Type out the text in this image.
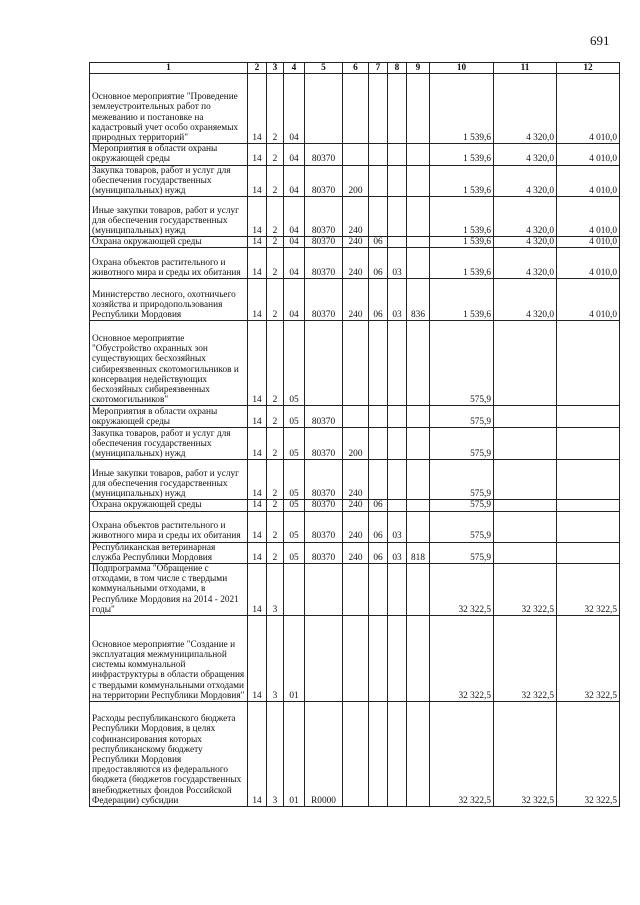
691
1	2	3	4	5	6	7	8	9	10	11	12
Основное мероприятие "Проведение землеустроительных работ по межеванию и постановке на кадастровый учет особо охраняемых природных территорий"	14	2	04						1 539,6	4 320,0	4 010,0
Мероприятия в области охраны окружающей среды	14	2	04	80370					1 539,6	4 320,0	4 010,0
Закупка товаров, работ и услуг для обеспечения государственных (муниципальных) нужд	14	2	04	80370	200				1 539,6	4 320,0	4 010,0
Иные закупки товаров, работ и услуг для обеспечения государственных (муниципальных) нужд	14	2	04	80370	240				1 539,6	4 320,0	4 010,0
Охрана окружающей среды	14	2	04	80370	240	06			1 539,6	4 320,0	4 010,0
Охрана объектов растительного и животного мира и среды их обитания	14	2	04	80370	240	06	03		1 539,6	4 320,0	4 010,0
Министерство лесного, охотничьего хозяйства и природопользования Республики Мордовия	14	2	04	80370	240	06	03	836	1 539,6	4 320,0	4 010,0
Основное мероприятие "Обустройство охранных зон существующих бесхозяйных сибиреязвенных скотомогильников и консервация недействующих бесхозяйных сибиреязвенных скотомогильников"	14	2	05						575,9		
Мероприятия в области охраны окружающей среды	14	2	05	80370					575,9		
Закупка товаров, работ и услуг для обеспечения государственных (муниципальных) нужд	14	2	05	80370	200				575,9		
Иные закупки товаров, работ и услуг для обеспечения государственных (муниципальных) нужд	14	2	05	80370	240				575,9		
Охрана окружающей среды	14	2	05	80370	240	06			575,9		
Охрана объектов растительного и животного мира и среды их обитания	14	2	05	80370	240	06	03		575,9		
Республиканская ветеринарная служба Республики Мордовия	14	2	05	80370	240	06	03	818	575,9		
Подпрограмма "Обращение с отходами, в том числе с твердыми коммунальными отходами, в Республике Мордовия на 2014 - 2021 годы"	14	3							32 322,5	32 322,5	32 322,5
Основное мероприятие "Создание и эксплуатация межмуниципальной системы коммунальной инфраструктуры в области обращения с твердыми коммунальными отходами на территории Республики Мордовия"	14	3	01						32 322,5	32 322,5	32 322,5
Расходы республиканского бюджета Республики Мордовия, в целях софинансирования которых республиканскому бюджету Республики Мордовия предоставляются из федерального бюджета (бюджетов государственных внебюджетных фондов Российской Федерации) субсидии	14	3	01	R0000					32 322,5	32 322,5	32 322,5
